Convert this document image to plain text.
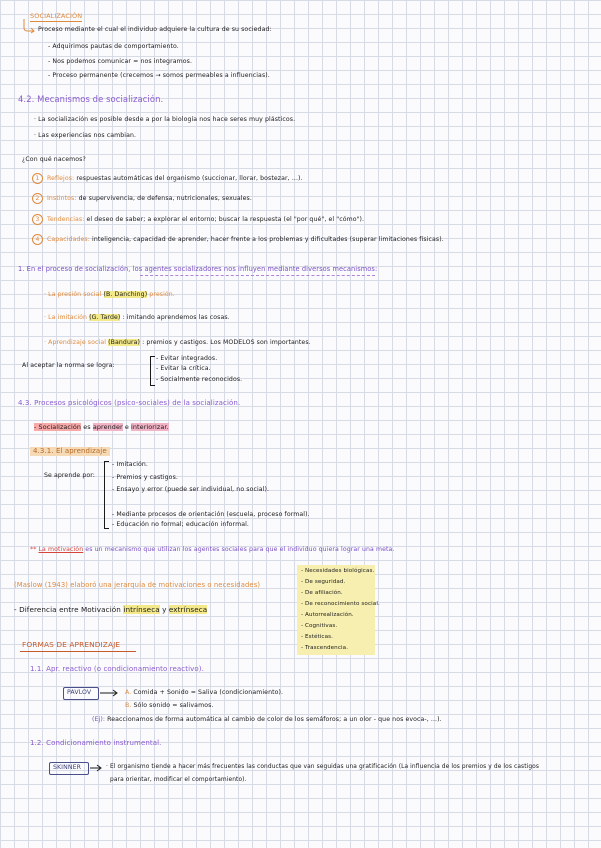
SOCIALIZACIÓN
Proceso mediante el cual el individuo adquiere la cultura de su sociedad:
- Adquirimos pautas de comportamiento.
- Nos podemos comunicar = nos integramos.
- Proceso permanente (crecemos → somos permeables a influencias).
4.2. Mecanismos de socialización.
· La socialización es posible desde a por la biología nos hace seres muy plásticos.
· Las experiencias nos cambian.
¿Con qué nacemos?
1 Reflejos: respuestas automáticas del organismo (succionar, llorar, bostezar, ...).
2 Instintos: de supervivencia, de defensa, nutricionales, sexuales.
3 Tendencias: el deseo de saber; a explorar el entorno; buscar la respuesta (el "por qué", el "cómo").
4 Capacidades: inteligencia, capacidad de aprender, hacer frente a los problemas y dificultades (superar limitaciones físicas).
1. En el proceso de socialización, los agentes socializadores nos influyen mediante diversos mecanismos:
· La presión social (B. Danching) presión.
· La imitación (G. Tarde) : imitando aprendemos las cosas.
· Aprendizaje social (Bandura) : premios y castigos. Los MODELOS son importantes.
Al aceptar la norma se logra:
- Evitar integrados.
- Evitar la crítica.
- Socialmente reconocidos.
4.3. Procesos psicológicos (psico-sociales) de la socialización.
- Socialización es aprender e interiorizar.
4.3.1. El aprendizaje
Se aprende por:
- Imitación.
- Premios y castigos.
- Ensayo y error (puede ser individual, no social).
- Mediante procesos de orientación (escuela, proceso formal).
- Educación no formal; educación informal.
** La motivación es un mecanismo que utilizan los agentes sociales para que el individuo quiera lograr una meta.
(Maslow (1943) elaboró una jerarquía de motivaciones o necesidades)
- Diferencia entre Motivación intrínseca y extrínseca
- Necesidades biológicas.
- De seguridad.
- De afiliación.
- De reconocimiento social.
- Autorrealización.
- Cognitivas.
- Estéticas.
- Trascendencia.
FORMAS DE APRENDIZAJE
1.1. Apr. reactivo (o condicionamiento reactivo).
PAVLOV	A. Comida + Sonido = Saliva (condicionamiento).
B. Sólo sonido = salivamos.
(Ej): Reaccionamos de forma automática al cambio de color de los semáforos; a un olor - que nos evoca-, ...).
1.2. Condicionamiento instrumental.
SKINNER	· El organismo tiende a hacer más frecuentes las conductas que van seguidas una gratificación (La influencia de los premios y de los castigos
para orientar, modificar el comportamiento).
